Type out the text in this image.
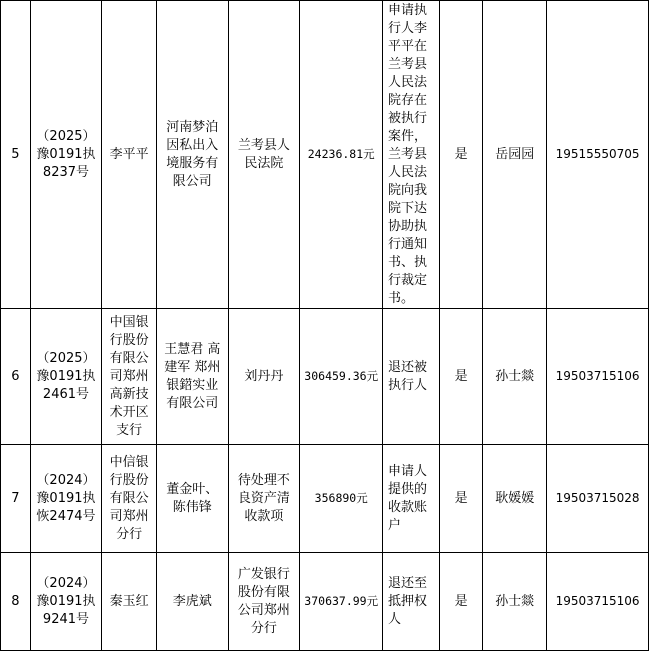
5	（2025）豫0191执8237号	李平平	河南梦泊因私出入境服务有限公司	兰考县人民法院	24236.81元	申请执行人李平平在兰考县人民法院存在被执行案件，兰考县人民法院向我院下达协助执行通知书、执行裁定书。	是	岳园园	19515550705
6	（2025）豫0191执2461号	中国银行股份有限公司郑州高新技术开区支行	王慧君 高建军 郑州银鍣实业有限公司	刘丹丹	306459.36元	退还被执行人	是	孙士燚	19503715106
7	（2024）豫0191执恢2474号	中信银行股份有限公司郑州分行	董金叶、陈伟锋	待处理不良资产清收款项	356890元	申请人提供的收款账户	是	耿媛媛	19503715028
8	（2024）豫0191执9241号	秦玉红	李虎斌	广发银行股份有限公司郑州分行	370637.99元	退还至抵押权人	是	孙士燚	19503715106
